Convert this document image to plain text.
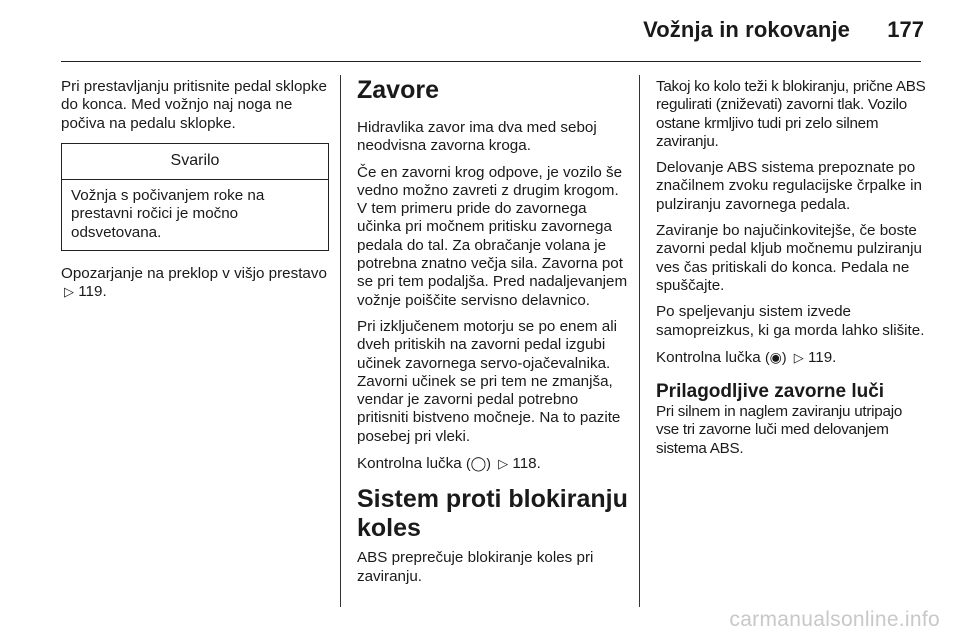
Vožnja in rokovanje	177

Pri prestavljanju pritisnite pedal sklopke do konca. Med vožnjo naj noga ne počiva na pedalu sklopke.

Svarilo
Vožnja s počivanjem roke na prestavni ročici je močno odsvetovana.

Opozarjanje na preklop v višjo prestavo ▷ 119.

Zavore

Hidravlika zavor ima dva med seboj neodvisna zavorna kroga.

Če en zavorni krog odpove, je vozilo še vedno možno zavreti z drugim krogom. V tem primeru pride do zavornega učinka pri močnem pritisku zavornega pedala do tal. Za obračanje volana je potrebna znatno večja sila. Zavorna pot se pri tem podaljša. Pred nadaljevanjem vožnje poiščite servisno delavnico.

Pri izključenem motorju se po enem ali dveh pritiskih na zavorni pedal izgubi učinek zavornega servo-ojačevalnika. Zavorni učinek se pri tem ne zmanjša, vendar je zavorni pedal potrebno pritisniti bistveno močneje. Na to pazite posebej pri vleki.

Kontrolna lučka (◯) ▷ 118.

Sistem proti blokiranju koles

ABS preprečuje blokiranje koles pri zaviranju.

Takoj ko kolo teži k blokiranju, prične ABS regulirati (zniževati) zavorni tlak. Vozilo ostane krmljivo tudi pri zelo silnem zaviranju.

Delovanje ABS sistema prepoznate po značilnem zvoku regulacijske črpalke in pulziranju zavornega pedala.

Zaviranje bo najučinkovitejše, če boste zavorni pedal kljub močnemu pulziranju ves čas pritiskali do konca. Pedala ne spuščajte.

Po speljevanju sistem izvede samopreizkus, ki ga morda lahko slišite.

Kontrolna lučka (◉) ▷ 119.

Prilagodljive zavorne luči

Pri silnem in naglem zaviranju utripajo vse tri zavorne luči med delovanjem sistema ABS.

carmanualsonline.info
